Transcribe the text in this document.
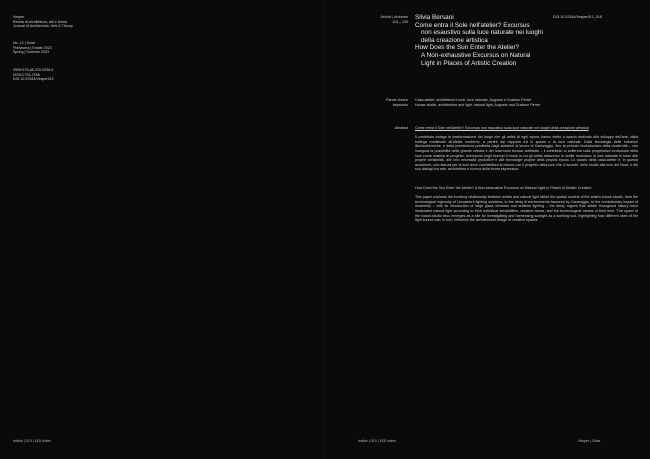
Vesper
Rivista di architettura, arti e teoria
Journal of Architecture, Arts & Theory
No. 12 | Solar
Primavera | Estate 2023
Spring | Summer 2023
ISBN 978-88-229-0298-6
ISSN 2704-7598
DOI 10.57644/Vesper012
Indice | DOI | DOI Index
Archivi | Archives
118 – 145
Silvia Bersani
Come entra il Sole nell'atelier? Excursus
non esaustivo sulla luce naturale nei luoghi
della creazione artistica
How Does the Sun Enter the Atelier?
A Non-exhaustive Excursus on Natural
Light in Places of Artistic Creation
DOI 10.57644/Vesper012_018
Parole chiave
keywords
Casa-atelier, architettura e luce, luce naturale, Augusto e Gustavo Perret
House-studio, architecture and light, natural light, Auguste and Gustave Perret
Abstract Come entra il Sole nell'atelier? Excursus non esaustivo sulla luce naturale nei luoghi della creazione artistica

Il contributo indaga la trasformazione del luogo che gli artisti di ogni epoca hanno eletto a spazio dedicato allo sviluppo dell'arte, dalla bottega medievale all'atelier moderno, a partire dal rapporto tra lo spazio e la luce naturale. Dalla tecnologia delle soluzioni illuminotecniche, e dalla preminenza prediletta dagli ambienti di lavoro di Caravaggio, fino al periodo rivoluzionario della modernità – che inaugura la possibilità della grande vetrata e del lucernario tecnico artificiale – il contributo si sofferma sulla progressiva evoluzione della luce come materia di progetto, ricercando negli esempi il modo in cui gli artisti attraverso le scelte modulano la luce naturale in base alle proprie sensibilità, alle loro necessità produttive e alle tecnologie proprie della propria epoca. Lo spazio della casa-atelier è, in questa accezione, una stanza per la luce dove l'architettura si misura con il progetto della luce che vi accede, dello studio alla luce del Nord, e del suo dialogo tra arte, architettura e ricerca della forma espressiva.

How Does the Sun Enter the Atelier? A Non-exhaustive Excursus on Natural Light in Places of Artistic Creation

This paper explores the evolving relationship between artists and natural light within the spatial context of the artist's house-studio, from the technological ingenuity of Leonardo's lighting solutions, to the dimly lit environments favoured by Caravaggio, to the revolutionary impact of modernity – with its introduction of large glass windows and artificial lighting – the study argues that artists throughout history have modulated natural light according to their individual sensibilities, creative needs, and the technological means of their time. The space of the house-studio thus emerges as a site for investigating and harnessing sunlight as a working tool, highlighting how different uses of the light source can, in turn, influence the architectural design of creative spaces.

Indice | DOI | DOI Index	Vesper | Solar
